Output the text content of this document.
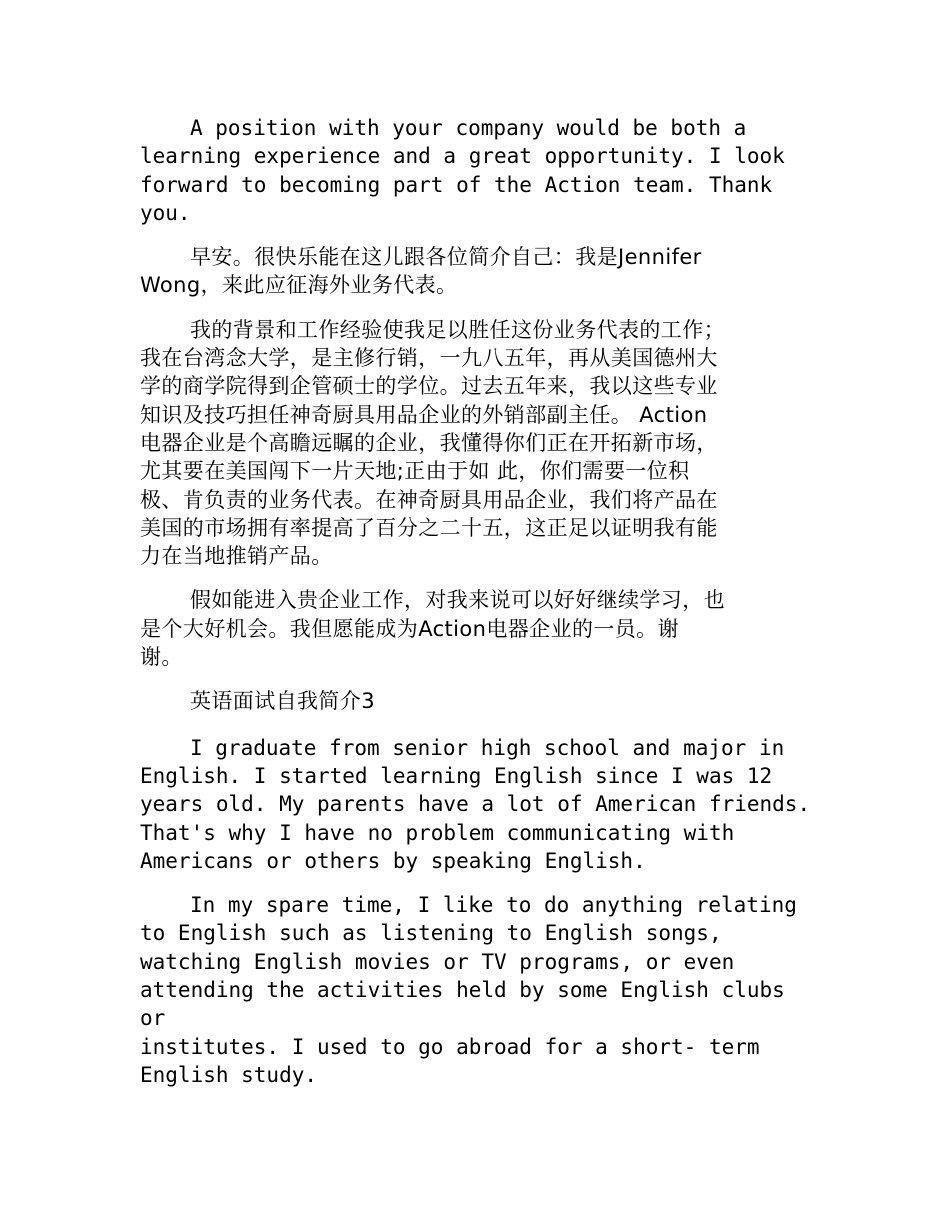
A position with your company would be both a
learning experience and a great opportunity. I look
forward to becoming part of the Action team. Thank
you.

早安。很快乐能在这儿跟各位简介自己：我是Jennifer
Wong，来此应征海外业务代表。

我的背景和工作经验使我足以胜任这份业务代表的工作；
我在台湾念大学，是主修行销，一九八五年，再从美国德州大
学的商学院得到企管硕士的学位。过去五年来，我以这些专业
知识及技巧担任神奇厨具用品企业的外销部副主任。 Action
电器企业是个高瞻远瞩的企业，我懂得你们正在开拓新市场，
尤其要在美国闯下一片天地;正由于如 此，你们需要一位积
极、肯负责的业务代表。在神奇厨具用品企业，我们将产品在
美国的市场拥有率提高了百分之二十五，这正足以证明我有能
力在当地推销产品。

假如能进入贵企业工作，对我来说可以好好继续学习，也
是个大好机会。我但愿能成为Action电器企业的一员。谢
谢。

英语面试自我简介3

I graduate from senior high school and major in
English. I started learning English since I was 12
years old. My parents have a lot of American friends.
That's why I have no problem communicating with
Americans or others by speaking English.

In my spare time, I like to do anything relating
to English such as listening to English songs,
watching English movies or TV programs, or even
attending the activities held by some English clubs or
institutes. I used to go abroad for a short- term
English study.
